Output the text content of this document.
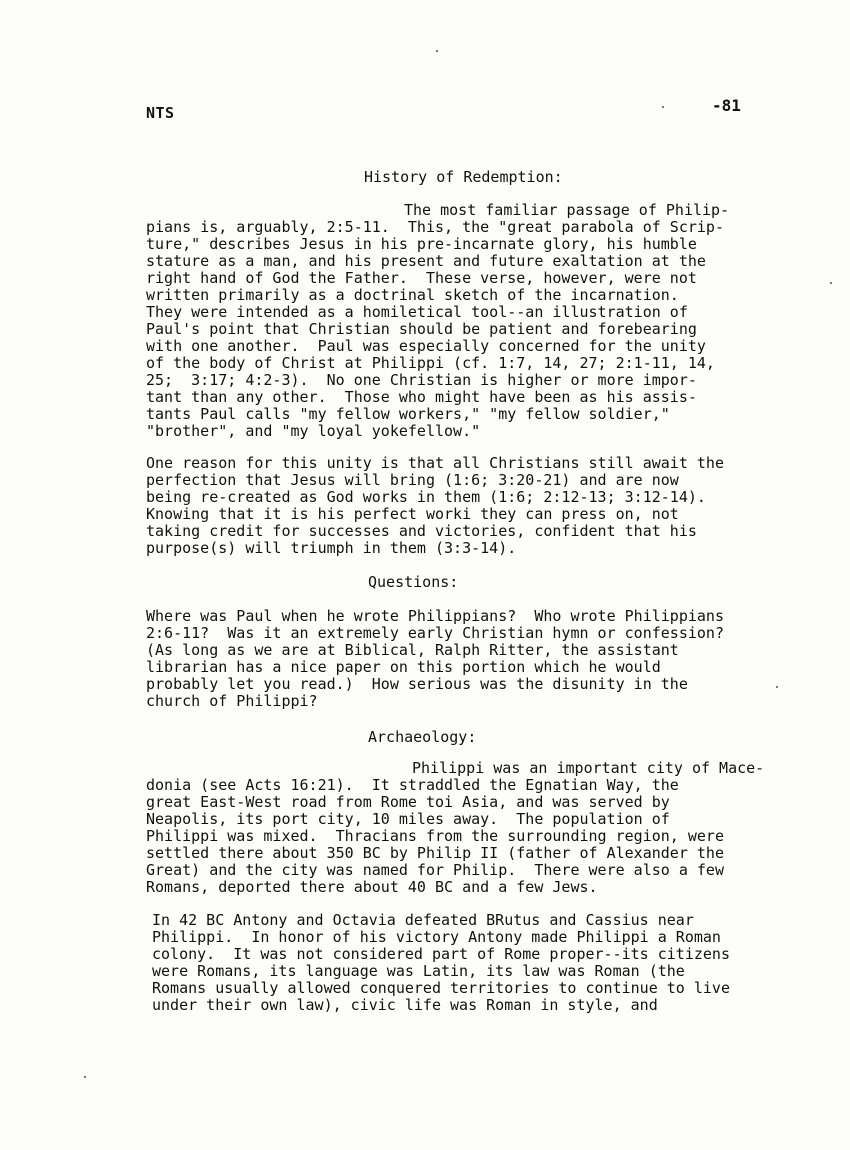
NTS	-81
History of Redemption:
The most familiar passage of Philip-
pians is, arguably, 2:5-11.  This, the "great parabola of Scrip-
ture," describes Jesus in his pre-incarnate glory, his humble
stature as a man, and his present and future exaltation at the
right hand of God the Father.  These verse, however, were not
written primarily as a doctrinal sketch of the incarnation.
They were intended as a homiletical tool--an illustration of
Paul's point that Christian should be patient and forebearing
with one another.  Paul was especially concerned for the unity
of the body of Christ at Philippi (cf. 1:7, 14, 27; 2:1-11, 14,
25;  3:17; 4:2-3).  No one Christian is higher or more impor-
tant than any other.  Those who might have been as his assis-
tants Paul calls "my fellow workers," "my fellow soldier,"
"brother", and "my loyal yokefellow."
One reason for this unity is that all Christians still await the
perfection that Jesus will bring (1:6; 3:20-21) and are now
being re-created as God works in them (1:6; 2:12-13; 3:12-14).
Knowing that it is his perfect worki they can press on, not
taking credit for successes and victories, confident that his
purpose(s) will triumph in them (3:3-14).
Questions:
Where was Paul when he wrote Philippians?  Who wrote Philippians
2:6-11?  Was it an extremely early Christian hymn or confession?
(As long as we are at Biblical, Ralph Ritter, the assistant
librarian has a nice paper on this portion which he would
probably let you read.)  How serious was the disunity in the
church of Philippi?
Archaeology:
Philippi was an important city of Mace-
donia (see Acts 16:21).  It straddled the Egnatian Way, the
great East-West road from Rome toi Asia, and was served by
Neapolis, its port city, 10 miles away.  The population of
Philippi was mixed.  Thracians from the surrounding region, were
settled there about 350 BC by Philip II (father of Alexander the
Great) and the city was named for Philip.  There were also a few
Romans, deported there about 40 BC and a few Jews.
In 42 BC Antony and Octavia defeated BRutus and Cassius near
Philippi.  In honor of his victory Antony made Philippi a Roman
colony.  It was not considered part of Rome proper--its citizens
were Romans, its language was Latin, its law was Roman (the
Romans usually allowed conquered territories to continue to live
under their own law), civic life was Roman in style, and
